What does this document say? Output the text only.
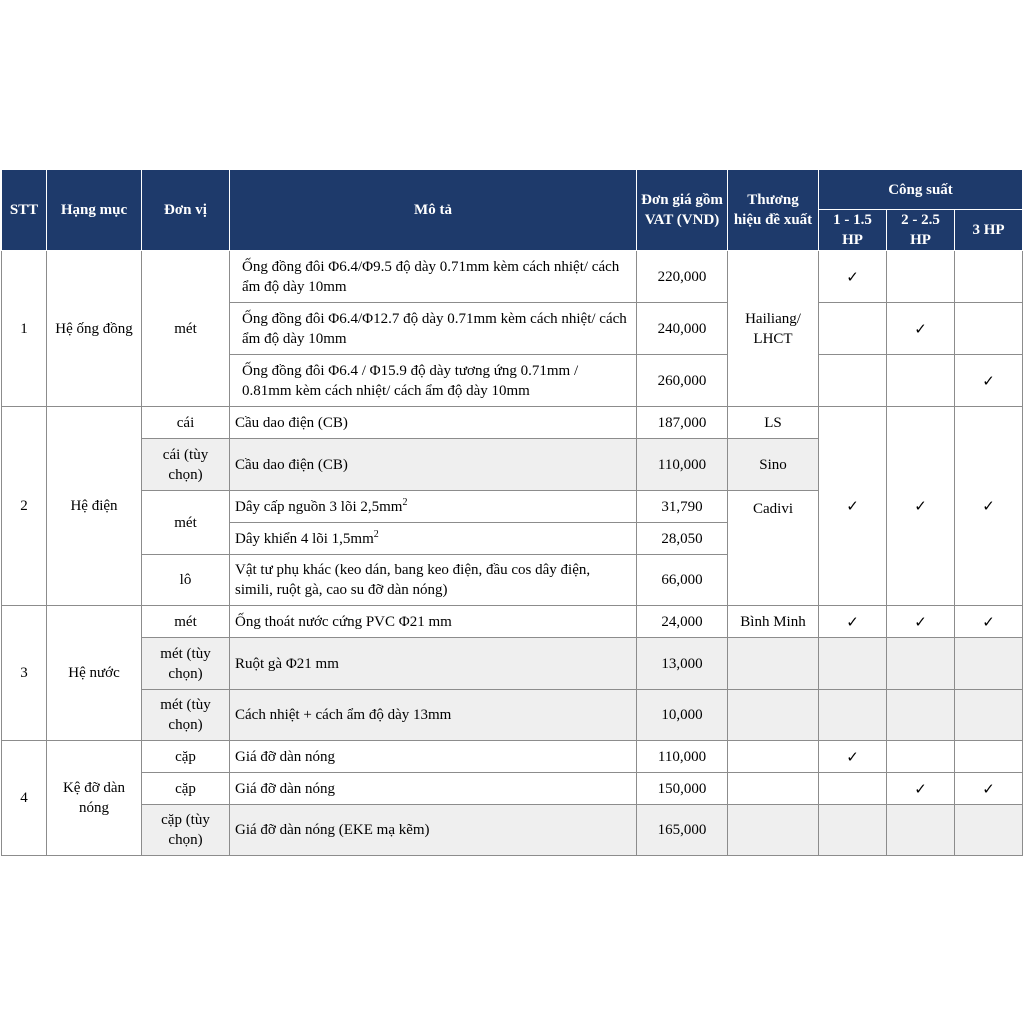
STT	Hạng mục	Đơn vị	Mô tả	Đơn giá gồm VAT (VND)	Thương hiệu đề xuất	Công suất		
						1 - 1.5 HP	2 - 2.5 HP	3 HP
1	Hệ ống đồng	mét	Ống đồng đôi Φ6.4/Φ9.5 độ dày 0.71mm kèm cách nhiệt/ cách ẩm độ dày 10mm	220,000	Hailiang/ LHCT	✓		
			Ống đồng đôi Φ6.4/Φ12.7 độ dày 0.71mm kèm cách nhiệt/ cách ẩm độ dày 10mm	240,000			✓	
			Ống đồng đôi Φ6.4 / Φ15.9 độ dày tương ứng 0.71mm / 0.81mm kèm cách nhiệt/ cách ẩm độ dày 10mm	260,000				✓
2	Hệ điện	cái	Cầu dao điện (CB)	187,000	LS	✓	✓	✓
		cái (tùy chọn)	Cầu dao điện (CB)	110,000	Sino			
		mét	Dây cấp nguồn 3 lõi $2,5mm^2$	31,790	Cadivi			
			Dây khiển 4 lõi $1,5mm^2$	28,050				
		lô	Vật tư phụ khác (keo dán, bang keo điện, đầu cos dây điện, simili, ruột gà, cao su đỡ dàn nóng)	66,000				
3	Hệ nước	mét	Ống thoát nước cứng PVC Φ21 mm	24,000	Bình Minh	✓	✓	✓
		mét (tùy chọn)	Ruột gà Φ21 mm	13,000				
		mét (tùy chọn)	Cách nhiệt + cách ẩm độ dày 13mm	10,000				
4	Kệ đỡ dàn nóng	cặp	Giá đỡ dàn nóng	110,000		✓		
		cặp	Giá đỡ dàn nóng	150,000			✓	✓
		cặp (tùy chọn)	Giá đỡ dàn nóng (EKE mạ kẽm)	165,000				
